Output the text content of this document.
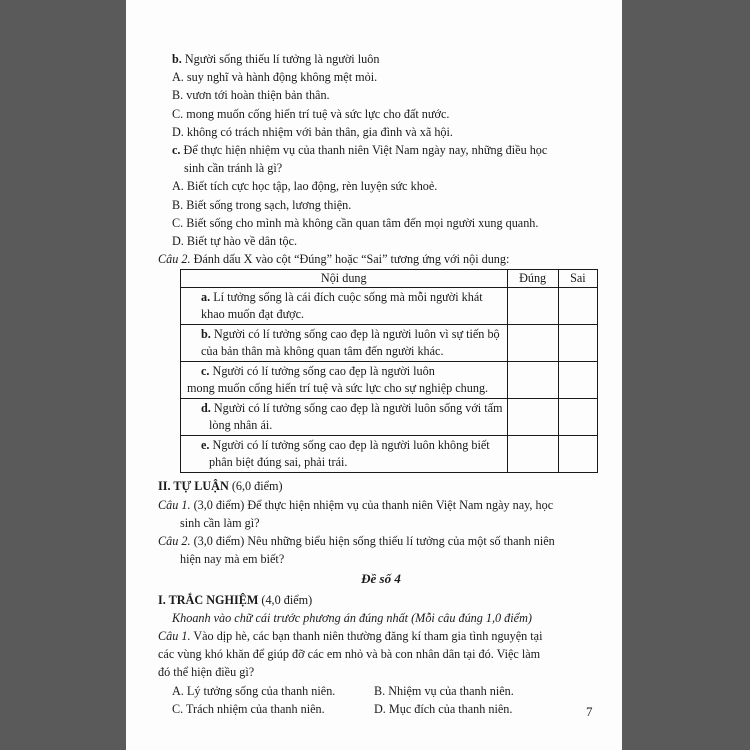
b. Người sống thiếu lí tưởng là người luôn
A. suy nghĩ và hành động không mệt mỏi.
B. vươn tới hoàn thiện bản thân.
C. mong muốn cống hiến trí tuệ và sức lực cho đất nước.
D. không có trách nhiệm với bản thân, gia đình và xã hội.
c. Để thực hiện nhiệm vụ của thanh niên Việt Nam ngày nay, những điều học
sinh cần tránh là gì?
A. Biết tích cực học tập, lao động, rèn luyện sức khoẻ.
B. Biết sống trong sạch, lương thiện.
C. Biết sống cho mình mà không cần quan tâm đến mọi người xung quanh.
D. Biết tự hào về dân tộc.
Câu 2. Đánh dấu X vào cột “Đúng” hoặc “Sai” tương ứng với nội dung:
Nội dung	Đúng	Sai

a. Lí tưởng sống là cái đích cuộc sống mà mỗi người khát
khao muốn đạt được.		

b. Người có lí tưởng sống cao đẹp là người luôn vì sự tiến bộ
của bản thân mà không quan tâm đến người khác.		

c. Người có lí tưởng sống cao đẹp là người luôn
mong muốn cống hiến trí tuệ và sức lực cho sự nghiệp chung.		

d. Người có lí tưởng sống cao đẹp là người luôn sống với tấm
lòng nhân ái.		

e. Người có lí tưởng sống cao đẹp là người luôn không biết
phân biệt đúng sai, phải trái.		

II. TỰ LUẬN (6,0 điểm)
Câu 1. (3,0 điểm) Để thực hiện nhiệm vụ của thanh niên Việt Nam ngày nay, học
sinh cần làm gì?
Câu 2. (3,0 điểm) Nêu những biểu hiện sống thiếu lí tưởng của một số thanh niên
hiện nay mà em biết?
Đề số 4
I. TRẮC NGHIỆM (4,0 điểm)
Khoanh vào chữ cái trước phương án đúng nhất (Mỗi câu đúng 1,0 điểm)
Câu 1. Vào dịp hè, các bạn thanh niên thường đăng kí tham gia tình nguyện tại
các vùng khó khăn để giúp đỡ các em nhỏ và bà con nhân dân tại đó. Việc làm
đó thể hiện điều gì?
A. Lý tưởng sống của thanh niên.	B. Nhiệm vụ của thanh niên.
C. Trách nhiệm của thanh niên.	D. Mục đích của thanh niên.	7
